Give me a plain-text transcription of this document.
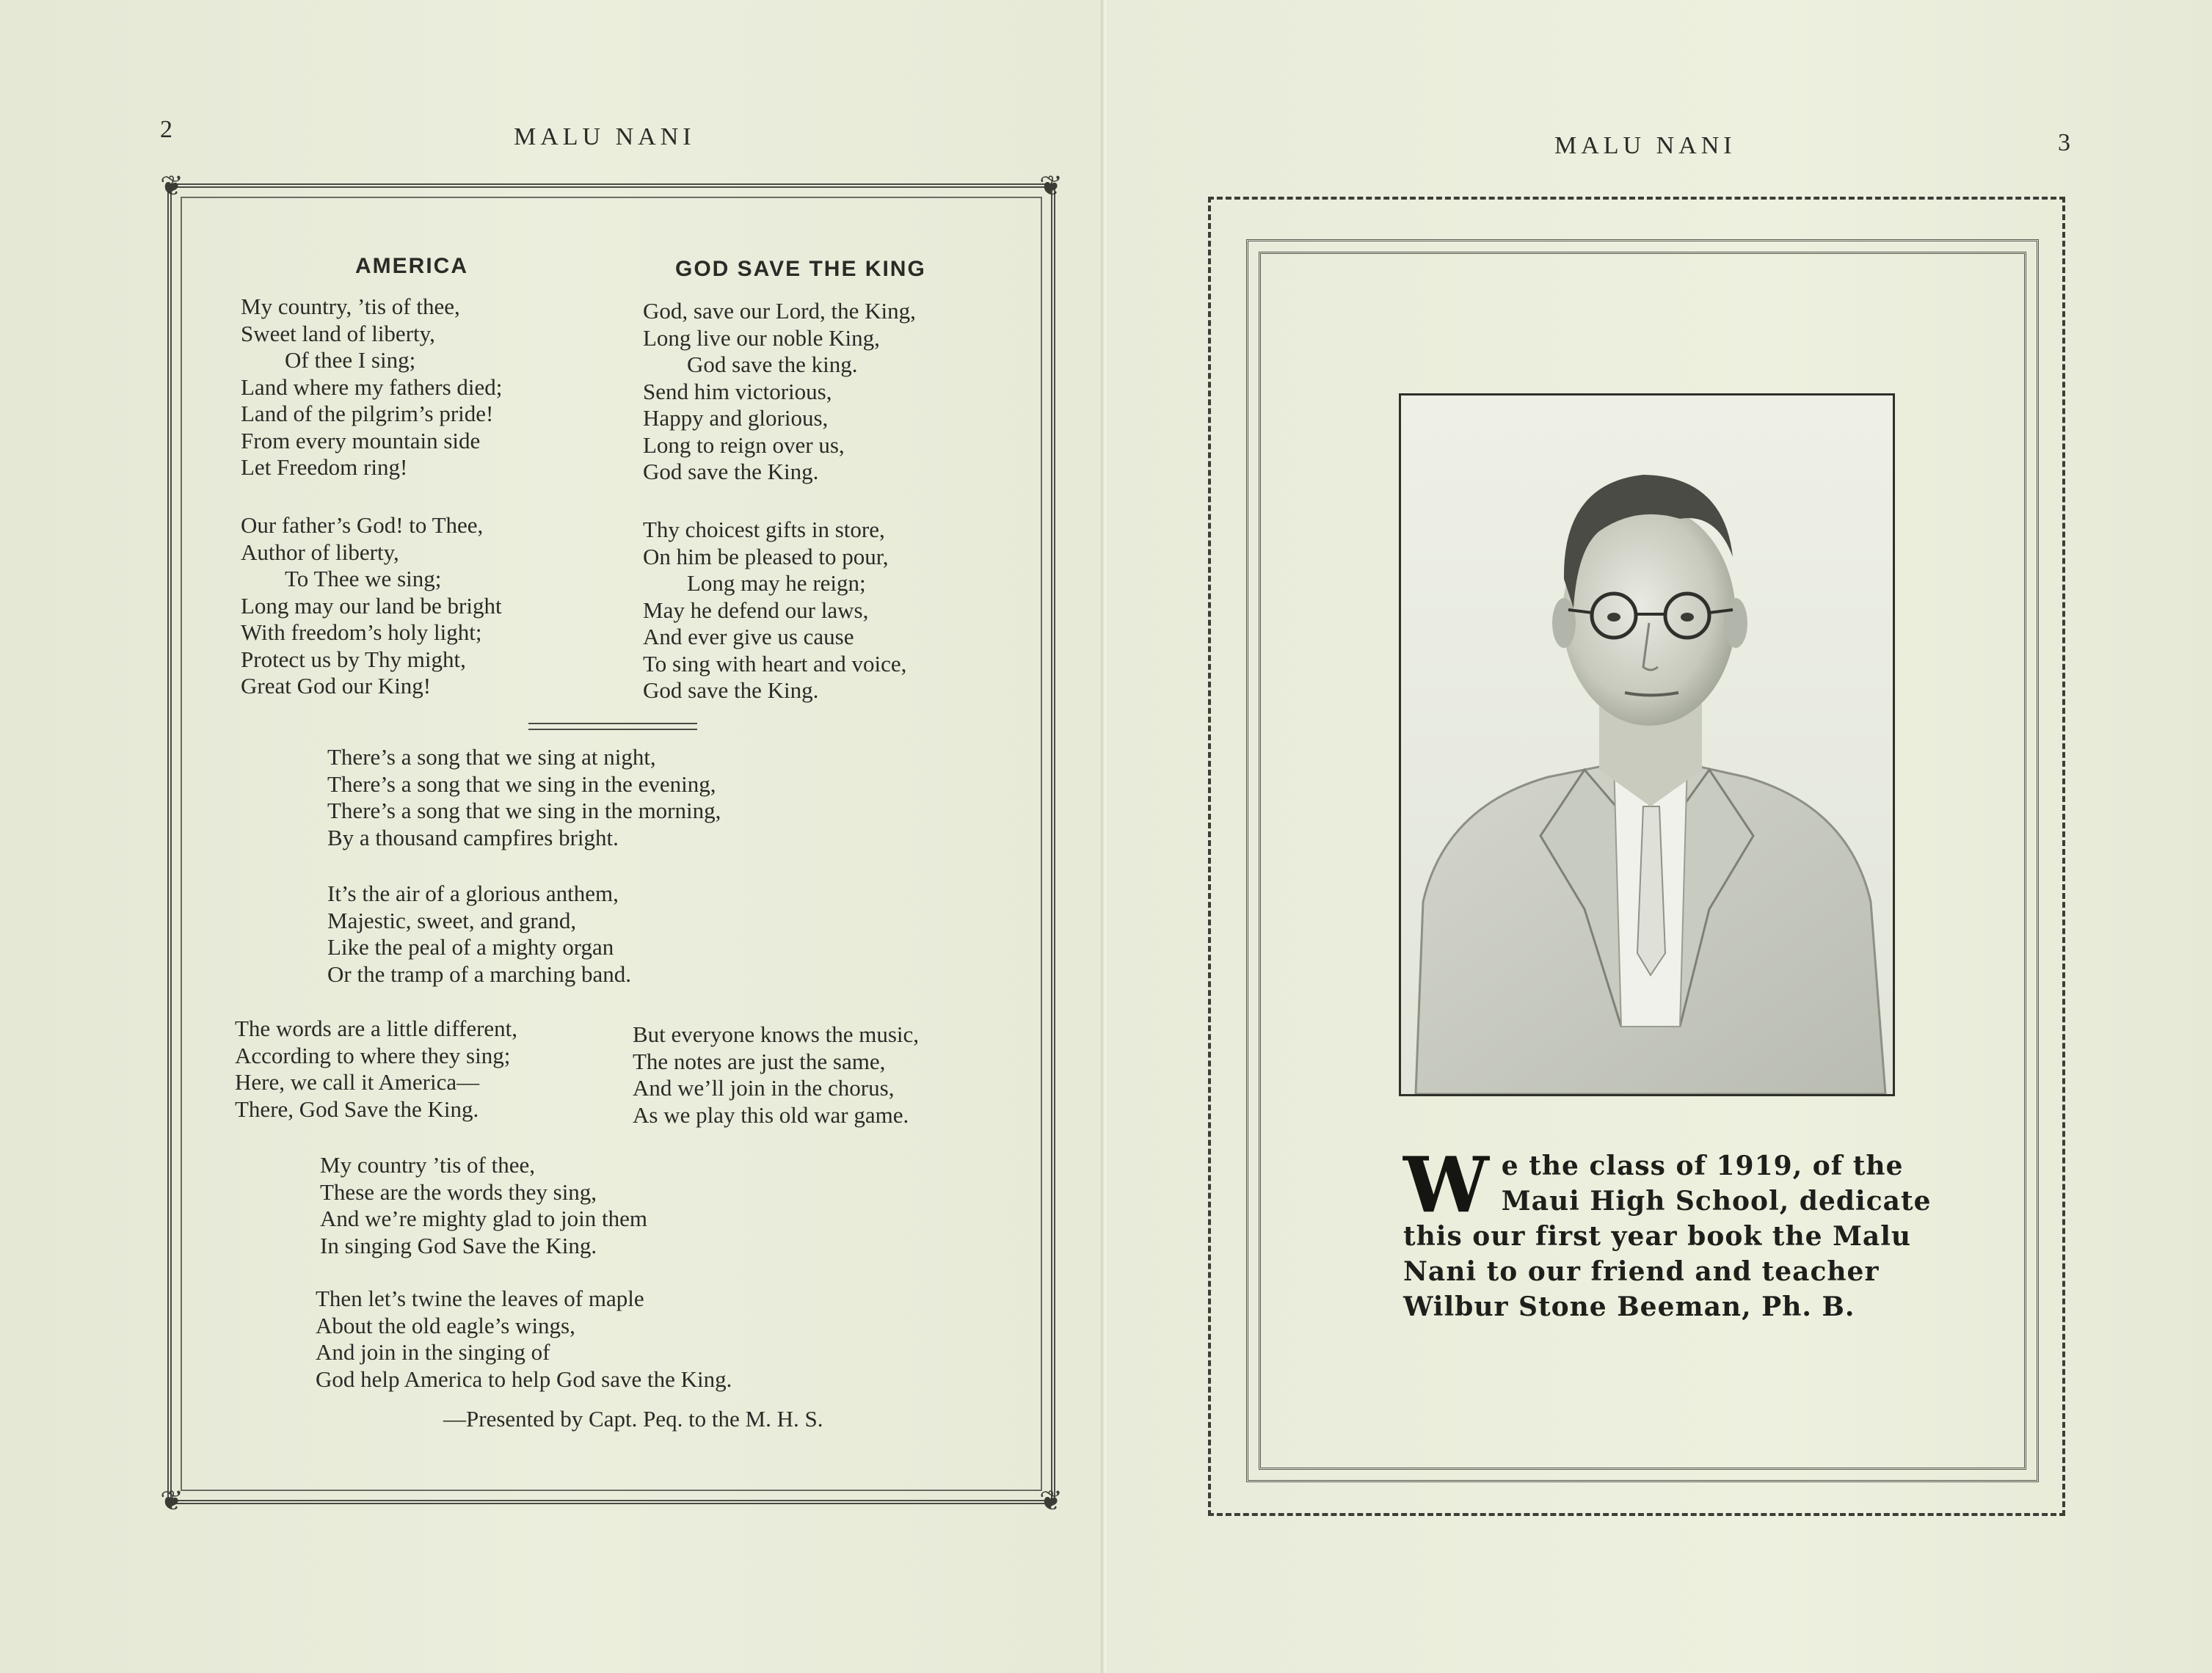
2	MALU NANI
❦	❦
❦	❦
AMERICA	GOD SAVE THE KING
My country, ’tis of thee,
Sweet land of liberty,
Of thee I sing;
Land where my fathers died;
Land of the pilgrim’s pride!
From every mountain side
Let Freedom ring!
Our father’s God! to Thee,
Author of liberty,
To Thee we sing;
Long may our land be bright
With freedom’s holy light;
Protect us by Thy might,
Great God our King!
God, save our Lord, the King,
Long live our noble King,
God save the king.
Send him victorious,
Happy and glorious,
Long to reign over us,
God save the King.
Thy choicest gifts in store,
On him be pleased to pour,
Long may he reign;
May he defend our laws,
And ever give us cause
To sing with heart and voice,
God save the King.
There’s a song that we sing at night,
There’s a song that we sing in the evening,
There’s a song that we sing in the morning,
By a thousand campfires bright.
It’s the air of a glorious anthem,
Majestic, sweet, and grand,
Like the peal of a mighty organ
Or the tramp of a marching band.
The words are a little different,
According to where they sing;
Here, we call it America—
There, God Save the King.
But everyone knows the music,
The notes are just the same,
And we’ll join in the chorus,
As we play this old war game.
My country ’tis of thee,
These are the words they sing,
And we’re mighty glad to join them
In singing God Save the King.
Then let’s twine the leaves of maple
About the old eagle’s wings,
And join in the singing of
God help America to help God save the King.
—Presented by Capt. Peq. to the M. H. S.
MALU NANI	3
W e the class of 1919, of the Maui High School, dedicate this our first year book the Malu Nani to our friend and teacher Wilbur Stone Beeman, Ph. B.
